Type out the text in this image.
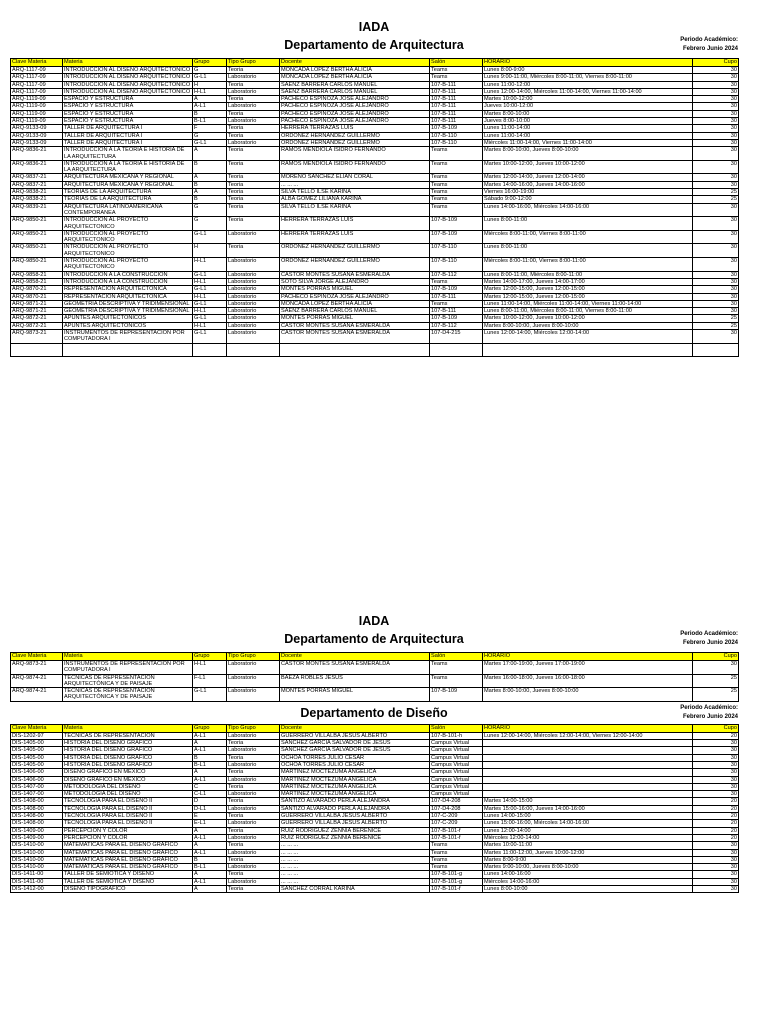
IADA
Departamento de Arquitectura	Periodo Académico:
Febrero Junio 2024
Clave Materia	Materia	Grupo	Tipo Grupo	Docente	Salón	HORARIO	Cupo
ARQ-1117-09	INTRODUCCION AL DISEÑO ARQUITECTONICO	G	Teoria	MONCADA LOPEZ BERTHA ALICIA	Teams	Lunes 8:00-9:00	30
ARQ-1117-09	INTRODUCCION AL DISEÑO ARQUITECTONICO	G-L1	Laboratorio	MONCADA LOPEZ BERTHA ALICIA	Teams	Lunes 9:00-11:00, Miércoles 8:00-11:00, Viernes 8:00-11:00	30
ARQ-1117-09	INTRODUCCION AL DISEÑO ARQUITECTONICO	H	Teoria	SAENZ BARRERA CARLOS MANUEL	107-B-111	Lunes 11:00-12:00	30
ARQ-1117-09	INTRODUCCION AL DISEÑO ARQUITECTONICO	H-L1	Laboratorio	SAENZ BARRERA CARLOS MANUEL	107-B-111	Lunes 12:00-14:00, Miércoles 11:00-14:00, Viernes 11:00-14:00	30
ARQ-1119-09	ESPACIO Y ESTRUCTURA	A	Teoria	PACHECO ESPINOZA JOSE ALEJANDRO	107-B-111	Martes 10:00-12:00	30
ARQ-1119-09	ESPACIO Y ESTRUCTURA	A-L1	Laboratorio	PACHECO ESPINOZA JOSE ALEJANDRO	107-B-111	Jueves 10:00-12:00	30
ARQ-1119-09	ESPACIO Y ESTRUCTURA	B	Teoria	PACHECO ESPINOZA JOSE ALEJANDRO	107-B-111	Martes 8:00-10:00	30
ARQ-1119-09	ESPACIO Y ESTRUCTURA	B-L1	Laboratorio	PACHECO ESPINOZA JOSE ALEJANDRO	107-B-111	Jueves 8:00-10:00	30
ARQ-9133-09	TALLER DE ARQUITECTURA I	F	Teoria	HERRERA TERRAZAS LUIS	107-B-109	Lunes 11:00-14:00	30
ARQ-9133-09	TALLER DE ARQUITECTURA I	G	Teoria	ORDOÑEZ HERNANDEZ GUILLERMO	107-B-110	Lunes 11:00-14:00	30
ARQ-9133-09	TALLER DE ARQUITECTURA I	G-L1	Laboratorio	ORDOÑEZ HERNANDEZ GUILLERMO	107-B-110	Miércoles 11:00-14:00, Viernes 11:00-14:00	30
ARQ-9836-21	INTRODUCCIÓN A LA TEORIA E HISTORIA DE LA ARQUITECTURA	A	Teoria	RAMOS MENDIOLA ISIDRO FERNANDO	Teams	Martes 8:00-10:00, Jueves 8:00-10:00	30
ARQ-9836-21	INTRODUCCIÓN A LA TEORIA E HISTORIA DE LA ARQUITECTURA	B	Teoria	RAMOS MENDIOLA ISIDRO FERNANDO	Teams	Martes 10:00-12:00, Jueves 10:00-12:00	30
ARQ-9837-21	ARQUITECTURA MEXICANA Y REGIONAL	A	Teoria	MORENO SANCHEZ ELIAN CORAL	Teams	Martes 12:00-14:00, Jueves 12:00-14:00	30
ARQ-9837-21	ARQUITECTURA MEXICANA Y REGIONAL	B	Teoria	... ... ...	Teams	Martes 14:00-16:00, Jueves 14:00-16:00	30
ARQ-9838-21	TEORIAS DE LA ARQUITECTURA	A	Teoria	SILVA TELLO ILSE KARINA	Teams	Viernes 16:00-19:00	25
ARQ-9838-21	TEORIAS DE LA ARQUITECTURA	B	Teoria	ALBA GOMEZ LILIANA KARINA	Teams	Sábado 9:00-12:00	25
ARQ-9839-21	ARQUITECTURA LATINOAMERICANA CONTEMPORANEA	G	Teoria	SILVA TELLO ILSE KARINA	Teams	Lunes 14:00-16:00, Miércoles 14:00-16:00	30
ARQ-9850-21	INTRODUCCION AL PROYECTO ARQUITECTONICO	G	Teoria	HERRERA TERRAZAS LUIS	107-B-109	Lunes 8:00-11:00	30
ARQ-9850-21	INTRODUCCION AL PROYECTO ARQUITECTONICO	G-L1	Laboratorio	HERRERA TERRAZAS LUIS	107-B-109	Miércoles 8:00-11:00, Viernes 8:00-11:00	30
ARQ-9850-21	INTRODUCCION AL PROYECTO ARQUITECTONICO	H	Teoria	ORDOÑEZ HERNANDEZ GUILLERMO	107-B-110	Lunes 8:00-11:00	30
ARQ-9850-21	INTRODUCCION AL PROYECTO ARQUITECTONICO	H-L1	Laboratorio	ORDOÑEZ HERNANDEZ GUILLERMO	107-B-110	Miércoles 8:00-11:00, Viernes 8:00-11:00	30
ARQ-9858-21	INTRODUCCIÓN A LA CONSTRUCCIÓN	G-L1	Laboratorio	CASTOR MONTES SUSANA ESMERALDA	107-B-112	Lunes 8:00-11:00, Miércoles 8:00-11:00	30
ARQ-9858-21	INTRODUCCIÓN A LA CONSTRUCCIÓN	H-L1	Laboratorio	SOTO SILVA JORGE ALEJANDRO	Teams	Martes 14:00-17:00, Jueves 14:00-17:00	30
ARQ-9870-21	REPRESENTACION ARQUITECTÓNICA	G-L1	Laboratorio	MONTES PORRAS MIGUEL	107-B-109	Martes 12:00-15:00, Jueves 12:00-15:00	30
ARQ-9870-21	REPRESENTACION ARQUITECTÓNICA	H-L1	Laboratorio	PACHECO ESPINOZA JOSE ALEJANDRO	107-B-111	Martes 12:00-15:00, Jueves 12:00-15:00	30
ARQ-9871-21	GEOMETRIA DESCRIPTIVA Y TRIDIMENSIONAL	G-L1	Laboratorio	MONCADA LOPEZ BERTHA ALICIA	Teams	Lunes 11:00-14:00, Miércoles 11:00-14:00, Viernes 11:00-14:00	30
ARQ-9871-21	GEOMETRIA DESCRIPTIVA Y TRIDIMENSIONAL	H-L1	Laboratorio	SAENZ BARRERA CARLOS MANUEL	107-B-111	Lunes 8:00-11:00, Miércoles 8:00-11:00, Viernes 8:00-11:00	30
ARQ-9872-21	APUNTES ARQUITECTÓNICOS	G-L1	Laboratorio	MONTES PORRAS MIGUEL	107-B-109	Martes 10:00-12:00, Jueves 10:00-12:00	25
ARQ-9872-21	APUNTES ARQUITECTÓNICOS	H-L1	Laboratorio	CASTOR MONTES SUSANA ESMERALDA	107-B-112	Martes 8:00-10:00, Jueves 8:00-10:00	25
ARQ-9873-21	INSTRUMENTOS DE REPRESENTACIÓN POR COMPUTADORA I	G-L1	Laboratorio	CASTOR MONTES SUSANA ESMERALDA	107-D4-215	Lunes 12:00-14:00, Miércoles 12:00-14:00	30

IADA
Departamento de Arquitectura	Periodo Académico:
Febrero Junio 2024
Clave Materia	Materia	Grupo	Tipo Grupo	Docente	Salón	HORARIO	Cupo
ARQ-9873-21	INSTRUMENTOS DE REPRESENTACIÓN POR COMPUTADORA I	H-L1	Laboratorio	CASTOR MONTES SUSANA ESMERALDA	Teams	Martes 17:00-19:00, Jueves 17:00-19:00	30
ARQ-9874-21	TECNICAS DE REPRESENTACIÓN ARQUITECTÓNICA Y DE PAISAJE	F-L1	Laboratorio	BAEZA ROBLES JESUS	Teams	Martes 16:00-18:00, Jueves 16:00-18:00	25
ARQ-9874-21	TECNICAS DE REPRESENTACIÓN ARQUITECTÓNICA Y DE PAISAJE	G-L1	Laboratorio	MONTES PORRAS MIGUEL	107-B-109	Martes 8:00-10:00, Jueves 8:00-10:00	25
Departamento de Diseño	Periodo Académico:
Febrero Junio 2024
Clave Materia	Materia	Grupo	Tipo Grupo	Docente	Salón	HORARIO	Cupo
DIS-1202-97	TECNICAS DE REPRESENTACION	A-L1	Laboratorio	GUERRERO VILLALBA JESUS ALBERTO	107-B-101-h	Lunes 12:00-14:00, Miércoles 12:00-14:00, Viernes 12:00-14:00	20
DIS-1405-00	HISTORIA DEL DISEÑO GRAFICO	A	Teoria	SANCHEZ GARCIA SALVADOR DE JESUS	Campus Virtual		30
DIS-1405-00	HISTORIA DEL DISEÑO GRAFICO	A-L1	Laboratorio	SANCHEZ GARCIA SALVADOR DE JESUS	Campus Virtual		30
DIS-1405-00	HISTORIA DEL DISEÑO GRAFICO	B	Teoria	OCHOA TORRES JULIO CESAR	Campus Virtual		30
DIS-1405-00	HISTORIA DEL DISEÑO GRAFICO	B-L1	Laboratorio	OCHOA TORRES JULIO CESAR	Campus Virtual		30
DIS-1406-00	DISEÑO GRAFICO EN MEXICO	A	Teoria	MARTINEZ MOCTEZUMA ANGELICA	Campus Virtual		30
DIS-1406-00	DISEÑO GRAFICO EN MEXICO	A-L1	Laboratorio	MARTINEZ MOCTEZUMA ANGELICA	Campus Virtual		30
DIS-1407-00	METODOLOGIA DEL DISEÑO	C	Teoria	MARTINEZ MOCTEZUMA ANGELICA	Campus Virtual		30
DIS-1407-00	METODOLOGIA DEL DISEÑO	C-L1	Laboratorio	MARTINEZ MOCTEZUMA ANGELICA	Campus Virtual		30
DIS-1408-00	TECNOLOGIA PARA EL DISEÑO II	D	Teoria	SANTIZO ALVARADO PERLA ALEJANDRA	107-D4-208	Martes 14:00-15:00	20
DIS-1408-00	TECNOLOGIA PARA EL DISEÑO II	D-L1	Laboratorio	SANTIZO ALVARADO PERLA ALEJANDRA	107-D4-208	Martes 15:00-16:00, Jueves 14:00-16:00	20
DIS-1408-00	TECNOLOGIA PARA EL DISEÑO II	E	Teoria	GUERRERO VILLALBA JESUS ALBERTO	107-C-209	Lunes 14:00-15:00	20
DIS-1408-00	TECNOLOGIA PARA EL DISEÑO II	E-L1	Laboratorio	GUERRERO VILLALBA JESUS ALBERTO	107-C-209	Lunes 15:00-16:00, Miércoles 14:00-16:00	20
DIS-1409-00	PERCEPCION Y COLOR	A	Teoria	RUIZ RODRIGUEZ ZENNIA BERENICE	107-B-101-f	Lunes 12:00-14:00	20
DIS-1409-00	PERCEPCION Y COLOR	A-L1	Laboratorio	RUIZ RODRIGUEZ ZENNIA BERENICE	107-B-101-f	Miércoles 12:00-14:00	20
DIS-1410-00	MATEMATICAS PARA EL DISEÑO GRAFICO	A	Teoria	... ... ...	Teams	Martes 10:00-11:00	30
DIS-1410-00	MATEMATICAS PARA EL DISEÑO GRAFICO	A-L1	Laboratorio	... ... ...	Teams	Martes 11:00-12:00, Jueves 10:00-12:00	30
DIS-1410-00	MATEMATICAS PARA EL DISEÑO GRAFICO	B	Teoria	... ... ...	Teams	Martes 8:00-9:00	30
DIS-1410-00	MATEMATICAS PARA EL DISEÑO GRAFICO	B-L1	Laboratorio	... ... ...	Teams	Martes 9:00-10:00, Jueves 8:00-10:00	30
DIS-1411-00	TALLER DE SEMIOTICA Y DISEÑO	A	Teoria	... ... ...	107-B-101-g	Lunes 14:00-16:00	30
DIS-1411-00	TALLER DE SEMIOTICA Y DISEÑO	A-L1	Laboratorio	... ... ...	107-B-101-g	Miércoles 14:00-16:00	30
DIS-1412-00	DISEÑO TIPOGRAFICO	A	Teoria	SANCHEZ CORRAL KARINA	107-B-101-f	Lunes 8:00-10:00	30
